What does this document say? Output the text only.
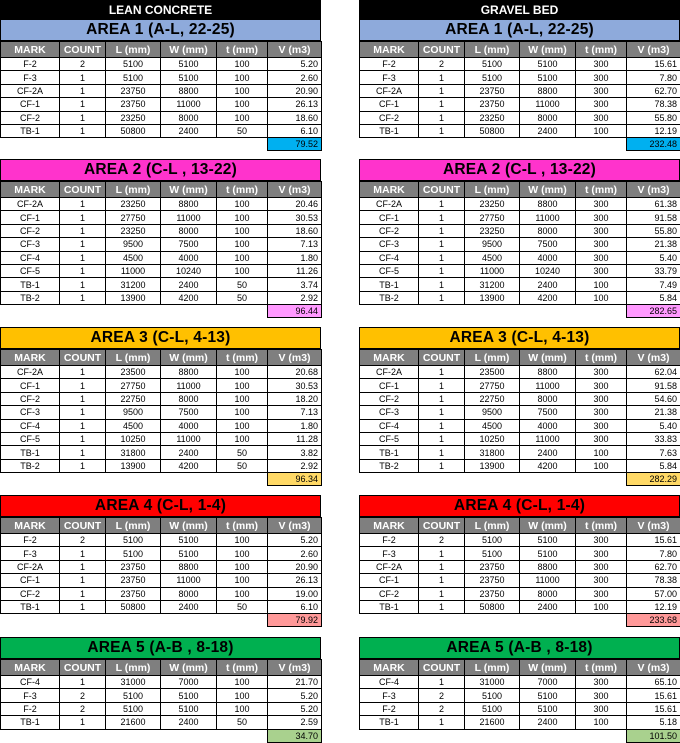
LEAN CONCRETE
AREA 1 (A-L, 22-25)
MARK	COUNT	L (mm)	W (mm)	t (mm)	V (m3)
F-2	2	5100	5100	100	5.20
F-3	1	5100	5100	100	2.60
CF-2A	1	23750	8800	100	20.90
CF-1	1	23750	11000	100	26.13
CF-2	1	23250	8000	100	18.60
TB-1	1	50800	2400	50	6.10
					79.52
AREA 2 (C-L , 13-22)
MARK	COUNT	L (mm)	W (mm)	t (mm)	V (m3)
CF-2A	1	23250	8800	100	20.46
CF-1	1	27750	11000	100	30.53
CF-2	1	23250	8000	100	18.60
CF-3	1	9500	7500	100	7.13
CF-4	1	4500	4000	100	1.80
CF-5	1	11000	10240	100	11.26
TB-1	1	31200	2400	50	3.74
TB-2	1	13900	4200	50	2.92
					96.44
AREA 3 (C-L, 4-13)
MARK	COUNT	L (mm)	W (mm)	t (mm)	V (m3)
CF-2A	1	23500	8800	100	20.68
CF-1	1	27750	11000	100	30.53
CF-2	1	22750	8000	100	18.20
CF-3	1	9500	7500	100	7.13
CF-4	1	4500	4000	100	1.80
CF-5	1	10250	11000	100	11.28
TB-1	1	31800	2400	50	3.82
TB-2	1	13900	4200	50	2.92
					96.34
AREA 4 (C-L, 1-4)
MARK	COUNT	L (mm)	W (mm)	t (mm)	V (m3)
F-2	2	5100	5100	100	5.20
F-3	1	5100	5100	100	2.60
CF-2A	1	23750	8800	100	20.90
CF-1	1	23750	11000	100	26.13
CF-2	1	23750	8000	100	19.00
TB-1	1	50800	2400	50	6.10
					79.92
AREA 5 (A-B , 8-18)
MARK	COUNT	L (mm)	W (mm)	t (mm)	V (m3)
CF-4	1	31000	7000	100	21.70
F-3	2	5100	5100	100	5.20
F-2	2	5100	5100	100	5.20
TB-1	1	21600	2400	50	2.59
					34.70
GRAVEL BED
AREA 1 (A-L, 22-25)
MARK	COUNT	L (mm)	W (mm)	t (mm)	V (m3)
F-2	2	5100	5100	300	15.61
F-3	1	5100	5100	300	7.80
CF-2A	1	23750	8800	300	62.70
CF-1	1	23750	11000	300	78.38
CF-2	1	23250	8000	300	55.80
TB-1	1	50800	2400	100	12.19
					232.48
AREA 2 (C-L , 13-22)
MARK	COUNT	L (mm)	W (mm)	t (mm)	V (m3)
CF-2A	1	23250	8800	300	61.38
CF-1	1	27750	11000	300	91.58
CF-2	1	23250	8000	300	55.80
CF-3	1	9500	7500	300	21.38
CF-4	1	4500	4000	300	5.40
CF-5	1	11000	10240	300	33.79
TB-1	1	31200	2400	100	7.49
TB-2	1	13900	4200	100	5.84
					282.65
AREA 3 (C-L, 4-13)
MARK	COUNT	L (mm)	W (mm)	t (mm)	V (m3)
CF-2A	1	23500	8800	300	62.04
CF-1	1	27750	11000	300	91.58
CF-2	1	22750	8000	300	54.60
CF-3	1	9500	7500	300	21.38
CF-4	1	4500	4000	300	5.40
CF-5	1	10250	11000	300	33.83
TB-1	1	31800	2400	100	7.63
TB-2	1	13900	4200	100	5.84
					282.29
AREA 4 (C-L, 1-4)
MARK	COUNT	L (mm)	W (mm)	t (mm)	V (m3)
F-2	2	5100	5100	300	15.61
F-3	1	5100	5100	300	7.80
CF-2A	1	23750	8800	300	62.70
CF-1	1	23750	11000	300	78.38
CF-2	1	23750	8000	300	57.00
TB-1	1	50800	2400	100	12.19
					233.68
AREA 5 (A-B , 8-18)
MARK	COUNT	L (mm)	W (mm)	t (mm)	V (m3)
CF-4	1	31000	7000	300	65.10
F-3	2	5100	5100	300	15.61
F-2	2	5100	5100	300	15.61
TB-1	1	21600	2400	100	5.18
					101.50
